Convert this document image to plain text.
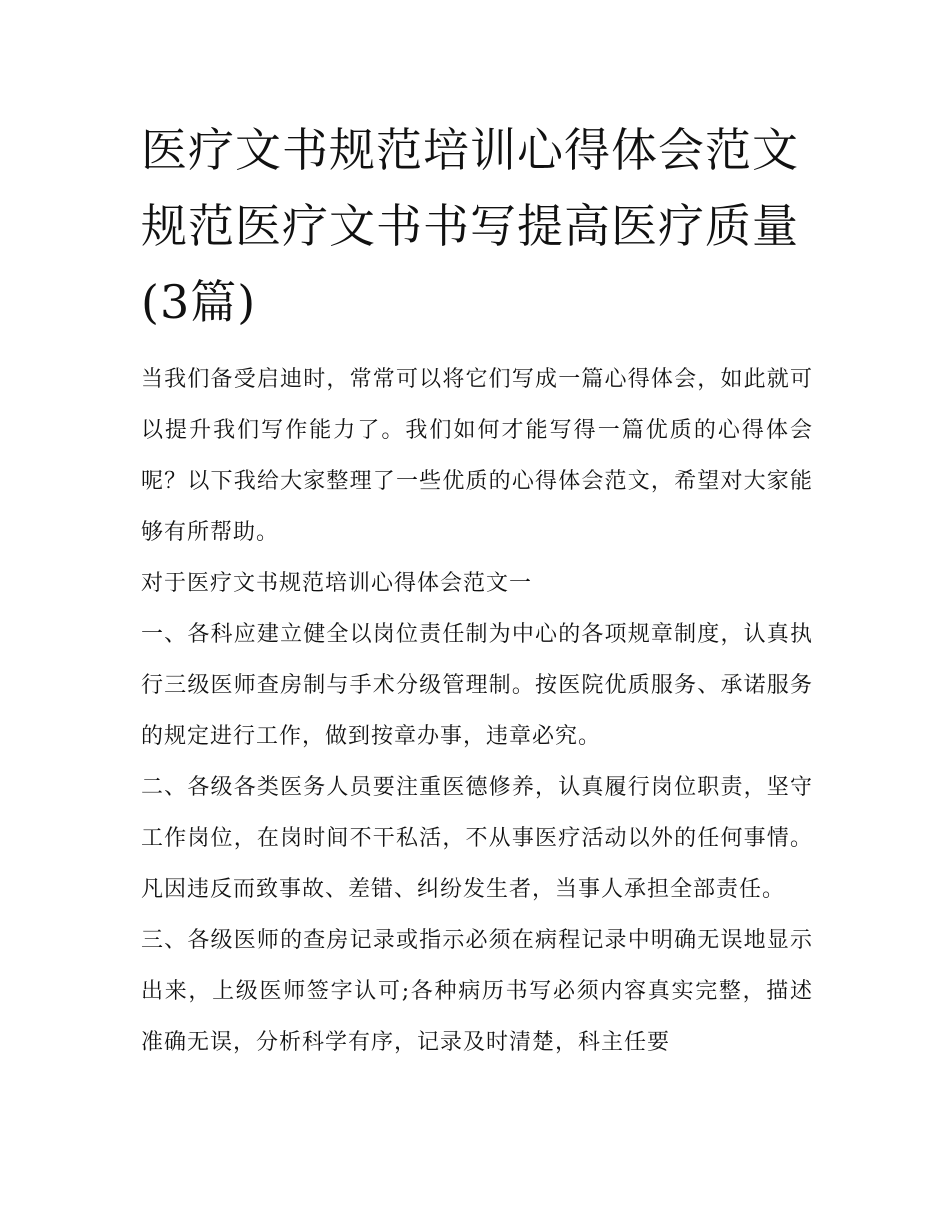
医疗文书规范培训心得体会范文 规范医疗文书书写提高医疗质量(3篇)

当我们备受启迪时，常常可以将它们写成一篇心得体会，如此就可以提升我们写作能力了。我们如何才能写得一篇优质的心得体会呢？以下我给大家整理了一些优质的心得体会范文，希望对大家能够有所帮助。

对于医疗文书规范培训心得体会范文一

一、各科应建立健全以岗位责任制为中心的各项规章制度，认真执行三级医师查房制与手术分级管理制。按医院优质服务、承诺服务的规定进行工作，做到按章办事，违章必究。

二、各级各类医务人员要注重医德修养，认真履行岗位职责，坚守工作岗位，在岗时间不干私活，不从事医疗活动以外的任何事情。凡因违反而致事故、差错、纠纷发生者，当事人承担全部责任。

三、各级医师的查房记录或指示必须在病程记录中明确无误地显示出来，上级医师签字认可;各种病历书写必须内容真实完整，描述准确无误，分析科学有序，记录及时清楚，科主任要
